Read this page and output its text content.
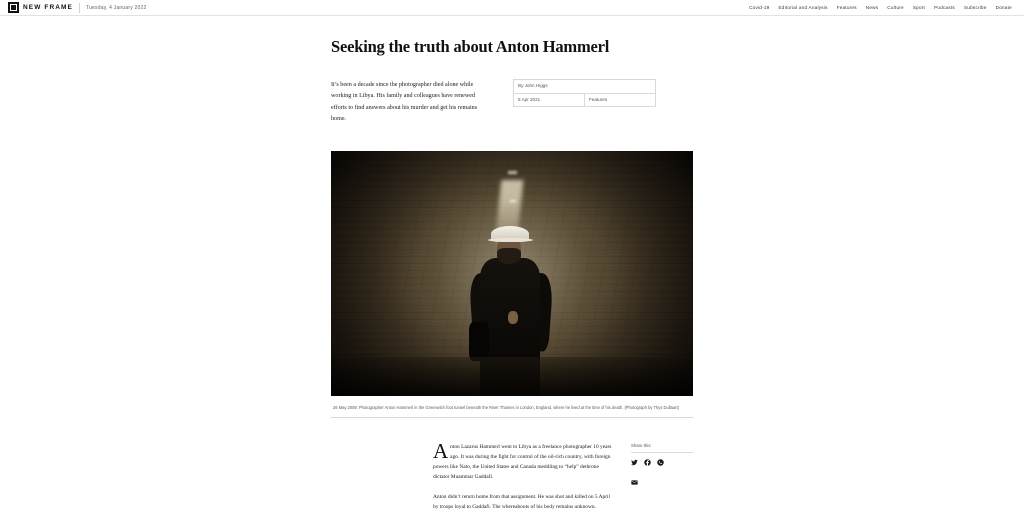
NEW FRAME	Tuesday, 4 January 2022	Covid-19 Editorial and Analysis Features News Culture Sport Podcasts Subscribe Donate
Seeking the truth about Anton Hammerl
It’s been a decade since the photographer died alone while working in Libya. His family and colleagues have renewed efforts to find answers about his murder and get his remains home.
By John Higgs
5 Apr 2021	Features
26 May 2009: Photographer Anton Hammerl in the Greenwich foot tunnel beneath the River Thames in London, England, where he lived at the time of his death. (Photograph by Thys Dullaart)

Anton Lazarus Hammerl went to Libya as a freelance photographer 10 years ago. It was during the fight for control of the oil-rich country, with foreign powers like Nato, the United States and Canada meddling to “help” dethrone dictator Muammar Gaddafi.

Anton didn’t return home from that assignment. He was shot and killed on 5 April by troops loyal to Gaddafi. The whereabouts of his body remains unknown.

Share this:
